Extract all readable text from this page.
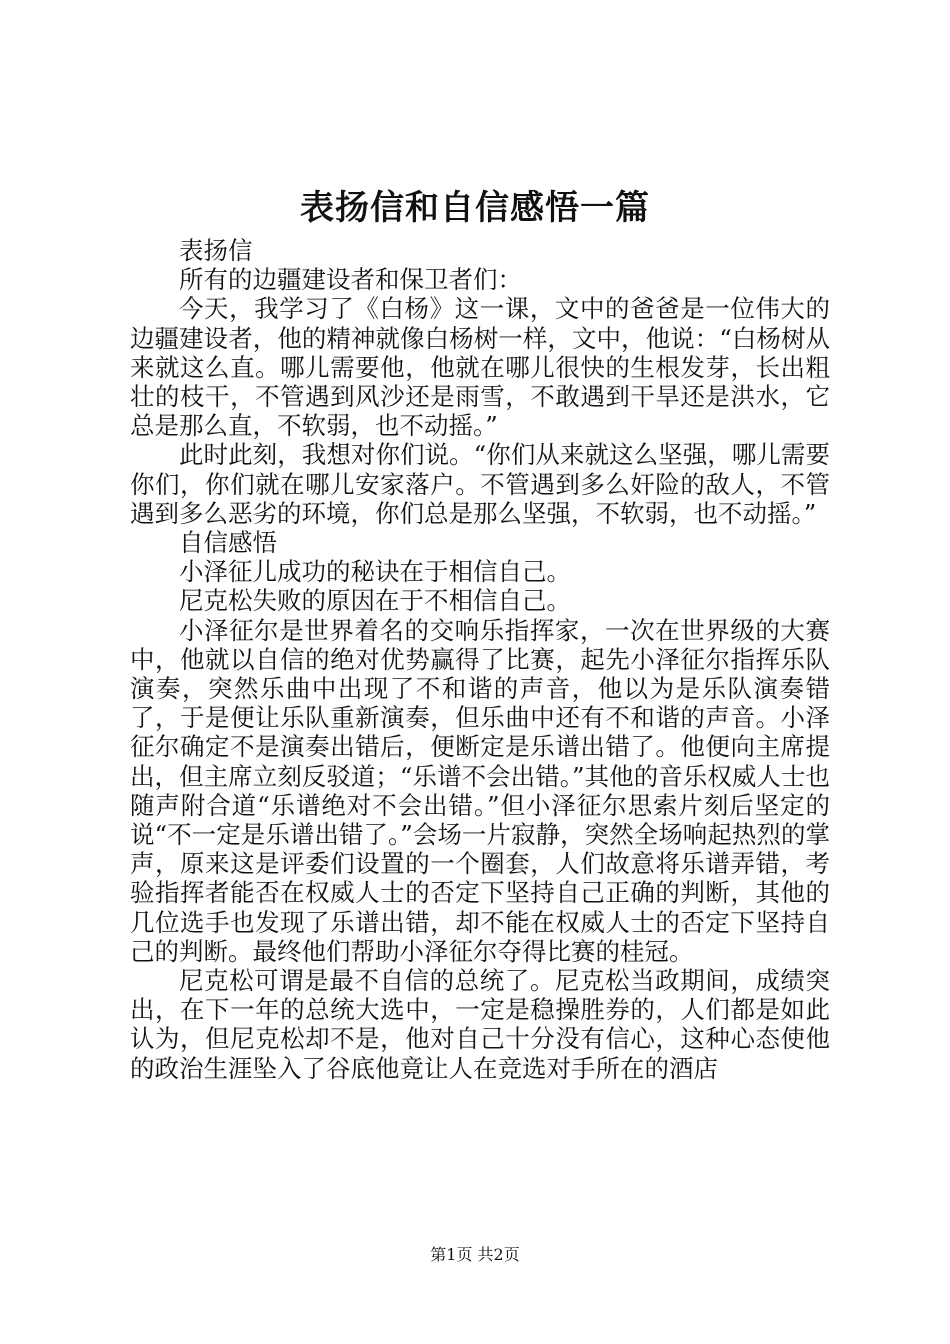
表扬信和自信感悟一篇

表扬信

所有的边疆建设者和保卫者们：

今天，我学习了《白杨》这一课，文中的爸爸是一位伟大的边疆建设者，他的精神就像白杨树一样，文中，他说：“白杨树从来就这么直。哪儿需要他，他就在哪儿很快的生根发芽，长出粗壮的枝干，不管遇到风沙还是雨雪，不敢遇到干旱还是洪水，它总是那么直，不软弱，也不动摇。”

此时此刻，我想对你们说。“你们从来就这么坚强，哪儿需要你们，你们就在哪儿安家落户。不管遇到多么奸险的敌人，不管遇到多么恶劣的环境，你们总是那么坚强，不软弱，也不动摇。”

自信感悟

小泽征儿成功的秘诀在于相信自己。

尼克松失败的原因在于不相信自己。

小泽征尔是世界着名的交响乐指挥家，一次在世界级的大赛中，他就以自信的绝对优势赢得了比赛，起先小泽征尔指挥乐队演奏，突然乐曲中出现了不和谐的声音，他以为是乐队演奏错了，于是便让乐队重新演奏，但乐曲中还有不和谐的声音。小泽征尔确定不是演奏出错后，便断定是乐谱出错了。他便向主席提出，但主席立刻反驳道；“乐谱不会出错。”其他的音乐权威人士也随声附合道“乐谱绝对不会出错。”但小泽征尔思索片刻后坚定的说“不一定是乐谱出错了。”会场一片寂静，突然全场响起热烈的掌声，原来这是评委们设置的一个圈套，人们故意将乐谱弄错，考验指挥者能否在权威人士的否定下坚持自己正确的判断，其他的几位选手也发现了乐谱出错，却不能在权威人士的否定下坚持自己的判断。最终他们帮助小泽征尔夺得比赛的桂冠。

尼克松可谓是最不自信的总统了。尼克松当政期间，成绩突出，在下一年的总统大选中，一定是稳操胜券的，人们都是如此认为，但尼克松却不是，他对自己十分没有信心，这种心态使他的政治生涯坠入了谷底他竟让人在竞选对手所在的酒店

第1页 共2页
